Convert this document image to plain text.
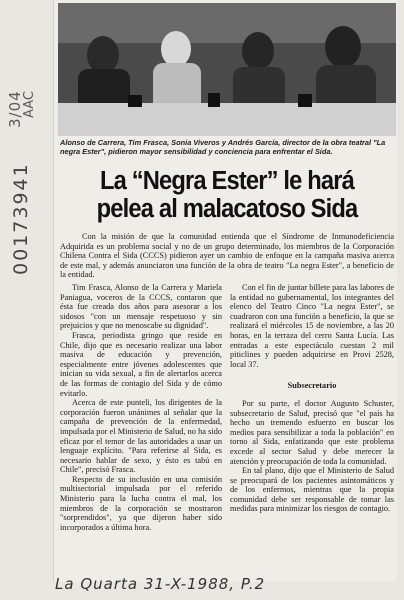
3/04
AAC
00173941
Alonso de Carrera, Tim Frasca, Sonia Viveros y Andrés García, director de la obra teatral "La negra Ester", pidieron mayor sensibilidad y conciencia para enfrentar el Sida.
La “Negra Ester” le hará pelea al malacatoso Sida
Con la misión de que la comunidad entienda que el Síndrome de Inmunodeficiencia Adquirida es un problema social y no de un grupo determinado, los miembros de la Corporación Chilena Contra el Sida (CCCS) pidieron ayer un cambio de enfoque en la campaña masiva acerca de este mal, y además anunciaron una función de la obra de teatro "La negra Ester", a beneficio de la entidad.

Tim Frasca, Alonso de la Carrera y Mariela Paniagua, voceros de la CCCS, contaron que ésta fue creada dos años para asesorar a los sidosos "con un mensaje respetuoso y sin prejuicios y que no menoscabe su dignidad".

Frasca, periodista gringo que reside en Chile, dijo que es necesario realizar una labor masiva de educación y prevención, especialmente entre jóvenes adolescentes que inician su vida sexual, a fin de alertarlos acerca de las formas de contagio del Sida y de cómo evitarlo.

Acerca de este punteli, los dirigentes de la corporación fueron unánimes al señalar que la campaña de prevención de la enfermedad, impulsada por el Ministerio de Salud, no ha sido eficaz por el temor de las autoridades a usar un lenguaje explícito. "Para referirse al Sida, es necesario hablar de sexo, y ésto es tabú en Chile", precisó Frasca.

Respecto de su inclusión en una comisión multisectorial impulsada por el referido Ministerio para la lucha contra el mal, los miembros de la corporación se mostraron "sorprendidos", ya que dijeron haber sido incorporados a última hora.

Con el fin de juntar billete para las labores de la entidad no gubernamental, los integrantes del elenco del Teatro Cinco "La negra Ester", se cuadraron con una función a beneficio, la que se realizará el miércoles 15 de noviembre, a las 20 horas, en la terraza del cerro Santa Lucía. Las entradas a este espectáculo cuestan 2 mil piticlines y pueden adquirirse en Provi 2528, local 37.

Subsecretario

Por su parte, el doctor Augusto Schuster, subsecretario de Salud, precisó que "el país ha hecho un tremendo esfuerzo en buscar los medios para sensibilizar a toda la población" en torno al Sida, enfatizando que este problema excede al sector Salud y debe merecer la atención y preocupación de toda la comunidad.

En tal plano, dijo que el Ministerio de Salud se preocupará de los pacientes asintomáticos y de los enfermos, mientras que la propia comunidad debe ser responsable de tomar las medidas para minimizar los riesgos de contagio.

La Quarta 31-X-1988, P.2
